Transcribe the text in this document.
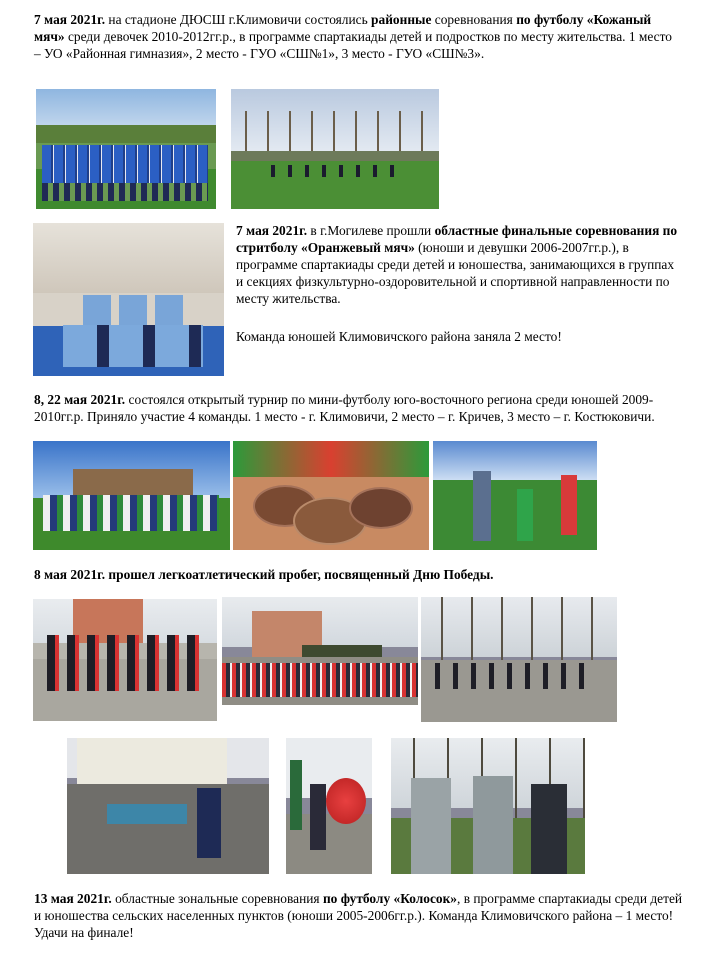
7 мая 2021г. на стадионе ДЮСШ г.Климовичи состоялись районные соревнования по футболу «Кожаный мяч» среди девочек 2010-2012гг.р., в программе спартакиады детей и подростков по месту жительства. 1 место – УО «Районная гимназия», 2 место - ГУО «СШ№1», 3 место - ГУО «СШ№3».

7 мая 2021г. в г.Могилеве прошли областные финальные соревнования по стритболу «Оранжевый мяч» (юноши и девушки 2006-2007гг.р.), в программе спартакиады среди детей и юношества, занимающихся в группах и секциях физкультурно-оздоровительной и спортивной направленности по месту жительства.

Команда юношей Климовичского района заняла 2 место!

8, 22 мая 2021г. состоялся открытый турнир по мини-футболу юго-восточного региона среди юношей 2009-2010гг.р. Приняло участие 4 команды. 1 место - г. Климовичи, 2 место – г. Кричев, 3 место – г. Костюковичи.

8 мая 2021г. прошел легкоатлетический пробег, посвященный Дню Победы.

13 мая 2021г. областные зональные соревнования по футболу «Колосок», в программе спартакиады среди детей и юношества сельских населенных пунктов (юноши 2005-2006гг.р.). Команда Климовичского района – 1 место! Удачи на финале!
